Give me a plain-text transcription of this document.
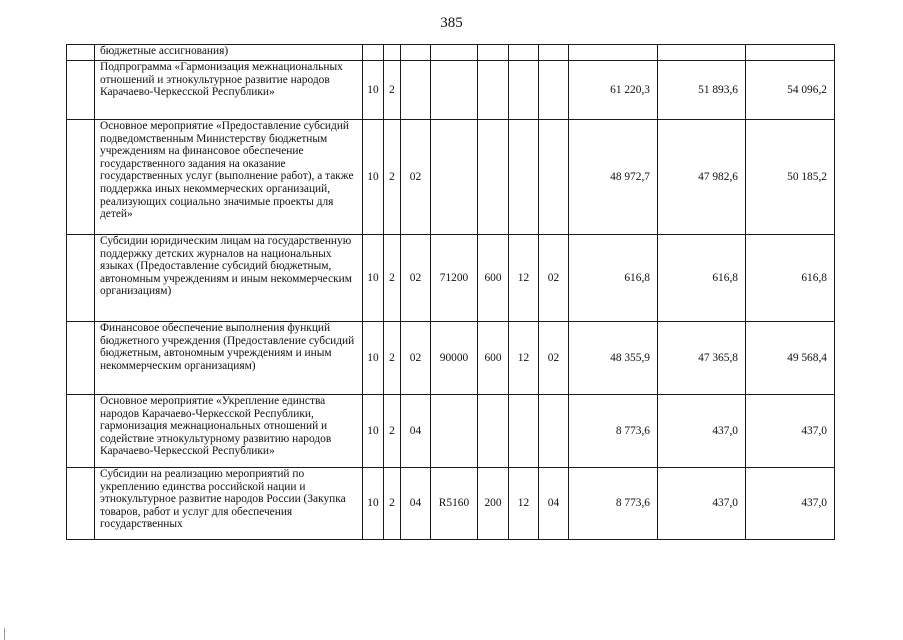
385
	бюджетные ассигнования)										
	Подпрограмма «Гармонизация межнациональных отношений и этнокультурное развитие народов Карачаево-Черкесской Республики»	10	2						61 220,3	51 893,6	54 096,2
	Основное мероприятие «Предоставление субсидий подведомственным Министерству бюджетным учреждениям на финансовое обеспечение государственного задания на оказание государственных услуг (выполнение работ), а также поддержка иных некоммерческих организаций, реализующих социально значимые проекты для детей»	10	2	02					48 972,7	47 982,6	50 185,2
	Субсидии юридическим лицам на государственную поддержку детских журналов на национальных языках (Предоставление субсидий бюджетным, автономным учреждениям и иным некоммерческим организациям)	10	2	02	71200	600	12	02	616,8	616,8	616,8
	Финансовое обеспечение выполнения функций бюджетного учреждения (Предоставление субсидий бюджетным, автономным учреждениям и иным некоммерческим организациям)	10	2	02	90000	600	12	02	48 355,9	47 365,8	49 568,4
	Основное мероприятие «Укрепление единства народов Карачаево-Черкесской Республики, гармонизация межнациональных отношений и содействие этнокультурному развитию народов Карачаево-Черкесской Республики»	10	2	04					8 773,6	437,0	437,0
	Субсидии на реализацию мероприятий по укреплению единства российской нации и этнокультурное развитие народов России (Закупка товаров, работ и услуг для обеспечения государственных	10	2	04	R5160	200	12	04	8 773,6	437,0	437,0
